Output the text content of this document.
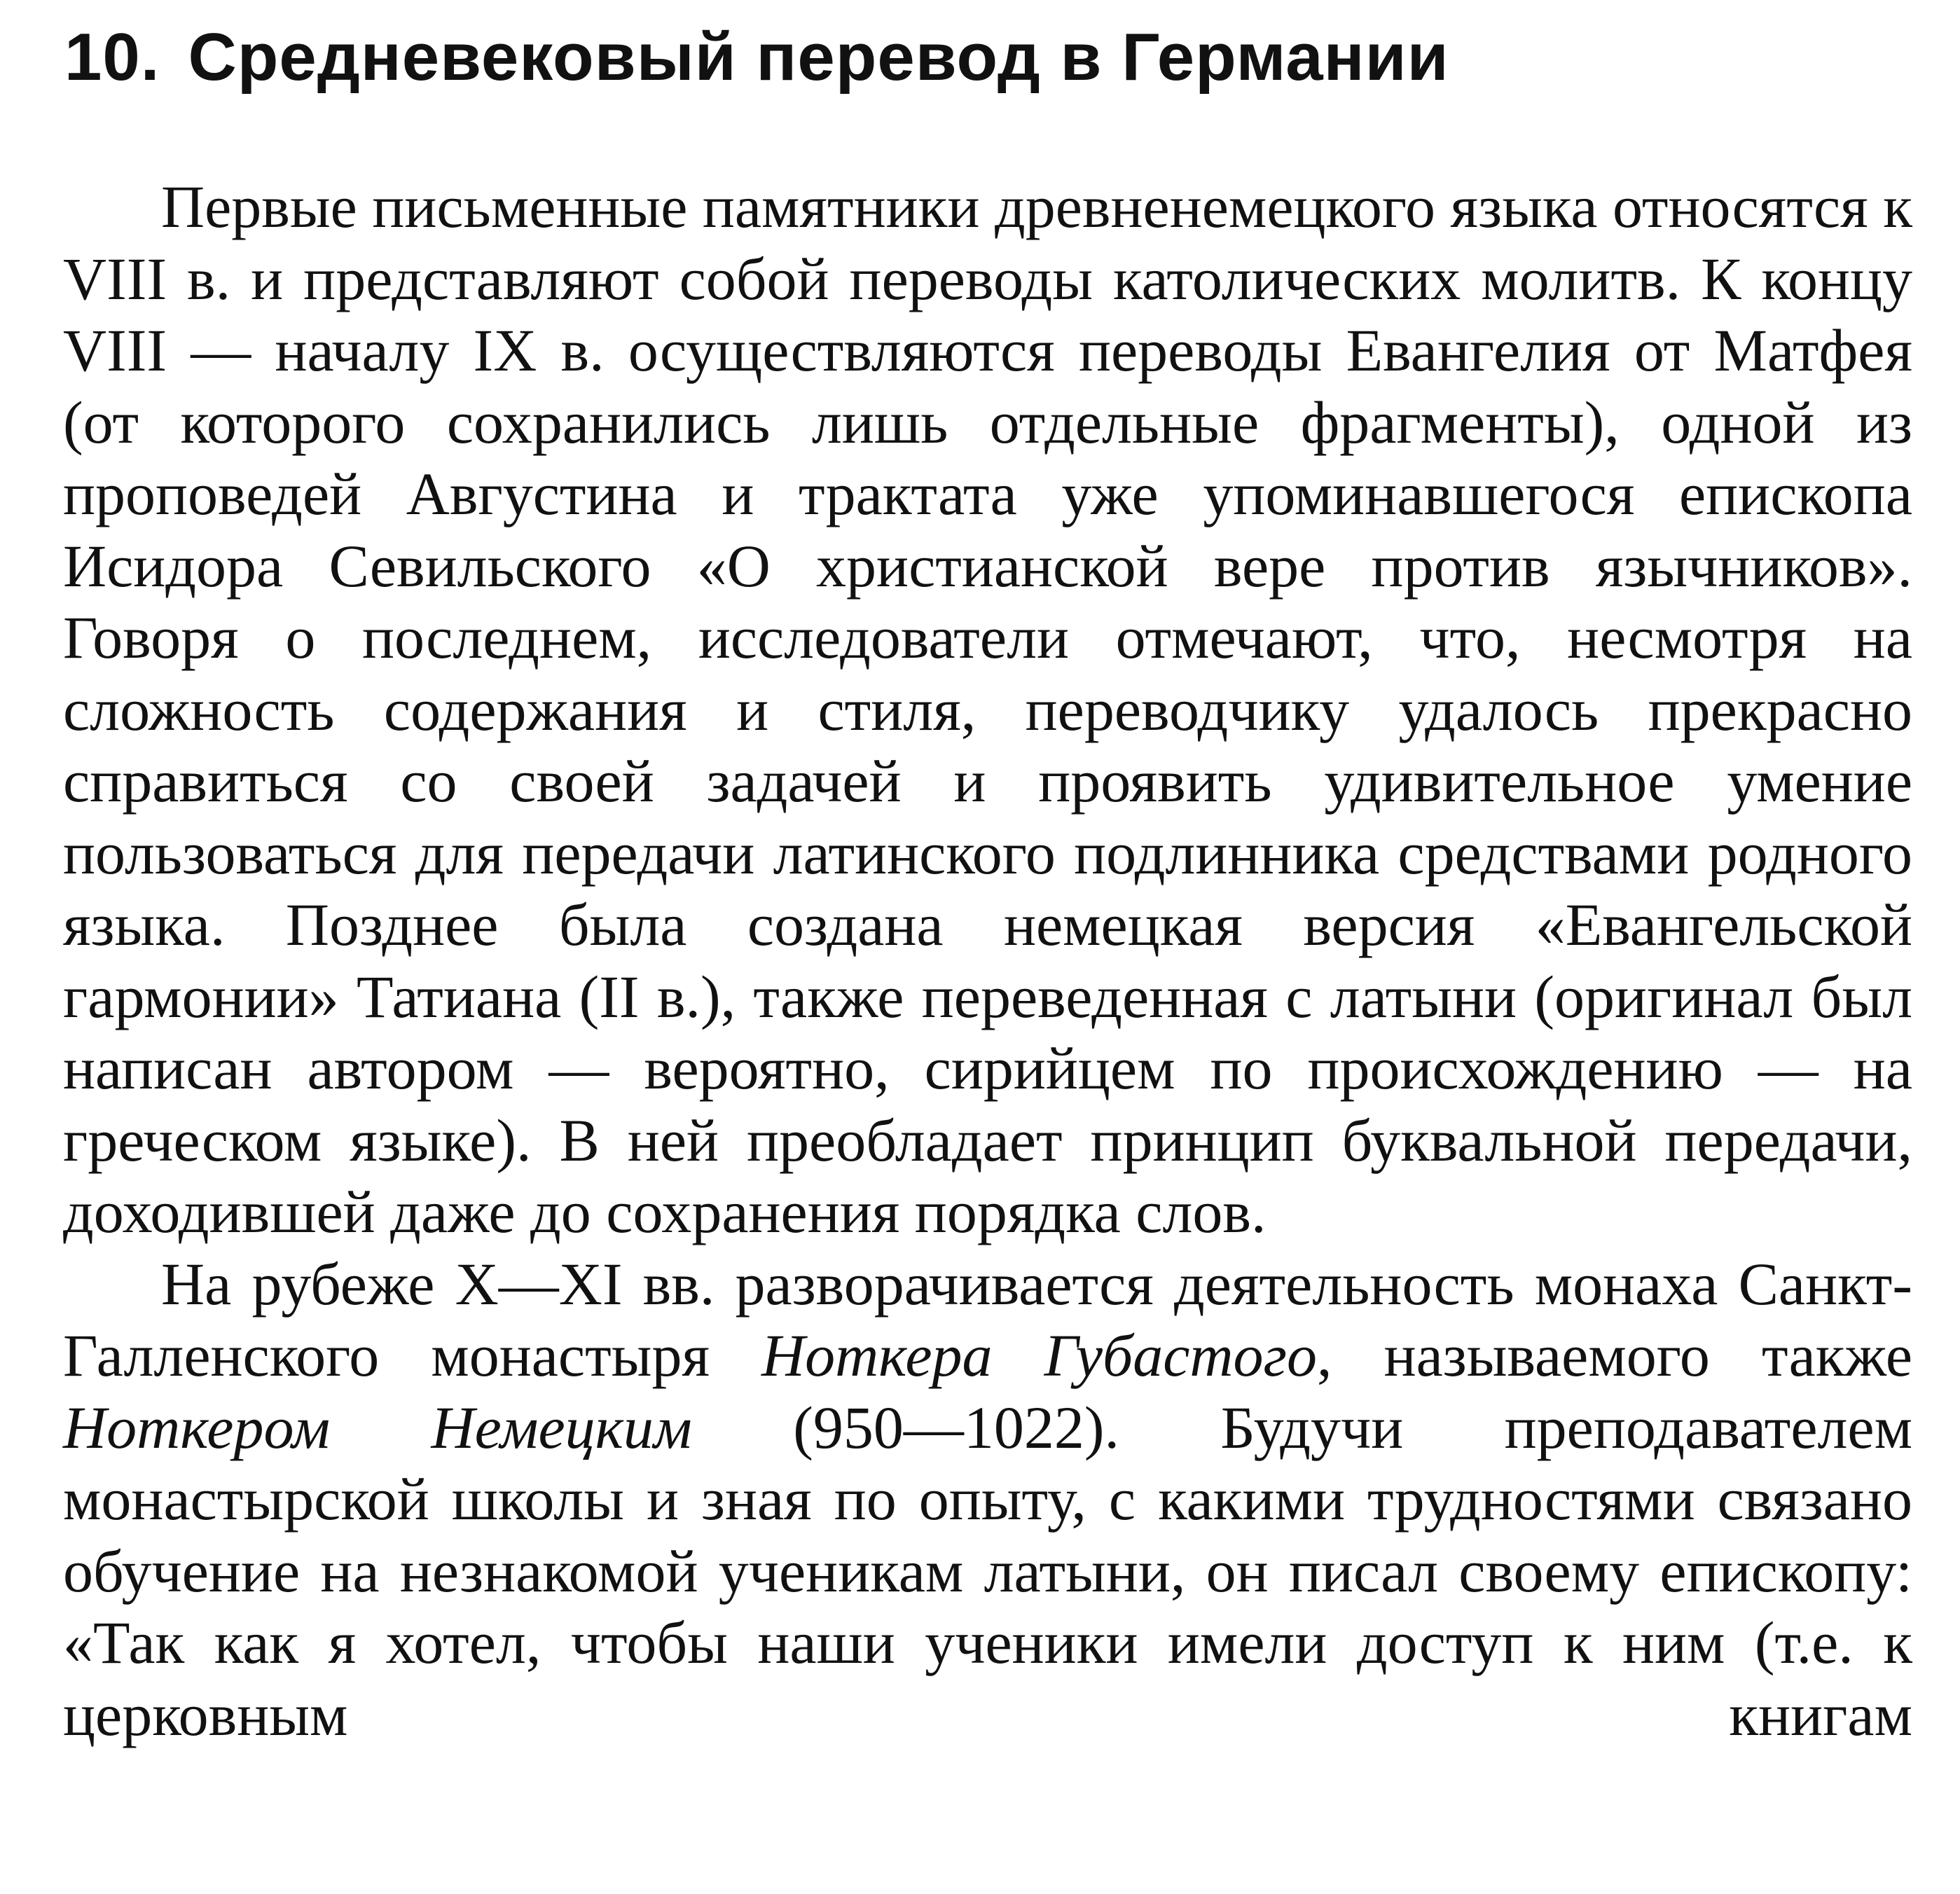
10. Средневековый перевод в Германии

Первые письменные памятники древненемецкого языка относятся к VIII в. и представляют собой переводы католических молитв. К концу VIII — началу IX в. осуществляются переводы Евангелия от Матфея (от которого сохранились лишь отдельные фрагменты), одной из проповедей Августина и трактата уже упоминавшегося епископа Исидора Севильского «О христианской вере против язычников». Говоря о последнем, исследователи отмечают, что, несмотря на сложность содержания и стиля, переводчику удалось прекрасно справиться со своей задачей и проявить удивительное умение пользоваться для передачи латинского подлинника средствами родного языка. Позднее была создана немецкая версия «Евангельской гармонии» Татиана (II в.), также переведенная с латыни (оригинал был написан автором — вероятно, сирийцем по происхождению — на греческом языке). В ней преобладает принцип буквальной передачи, доходившей даже до сохранения порядка слов.

На рубеже X—XI вв. разворачивается деятельность монаха Санкт-Галленского монастыря Ноткера Губастого, называемого также Ноткером Немецким (950—1022). Будучи преподавателем монастырской школы и зная по опыту, с какими трудностями связано обучение на незнакомой ученикам латыни, он писал своему епископу: «Так как я хотел, чтобы наши ученики имели доступ к ним (т.е. к церковным книгам
